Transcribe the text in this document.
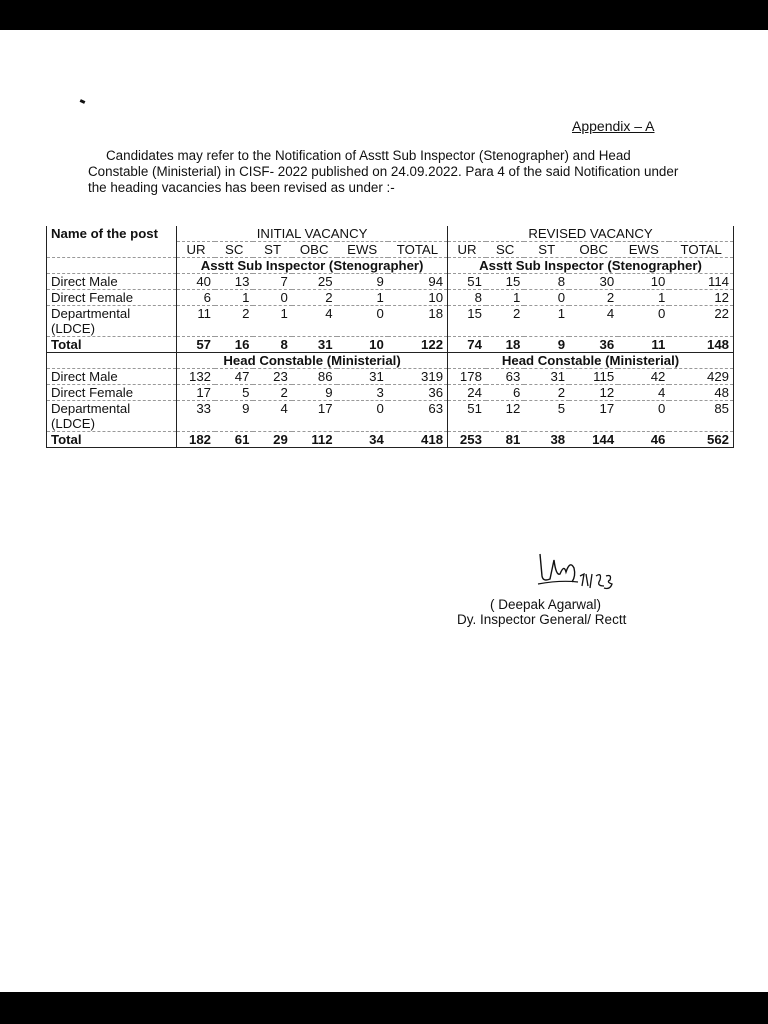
Appendix – A
Candidates may refer to the Notification of Asstt Sub Inspector (Stenographer) and Head Constable (Ministerial) in CISF- 2022 published on 24.09.2022. Para 4 of the said Notification under the heading vacancies has been revised as under :-
Name of the post	INITIAL VACANCY						REVISED VACANCY					
	UR	SC	ST	OBC	EWS	TOTAL	UR	SC	ST	OBC	EWS	TOTAL
	Asstt Sub Inspector (Stenographer)						Asstt Sub Inspector (Stenographer)					
Direct Male	40	13	7	25	9	94	51	15	8	30	10	114
Direct Female	6	1	0	2	1	10	8	1	0	2	1	12
Departmental (LDCE)	11	2	1	4	0	18	15	2	1	4	0	22
Total	57	16	8	31	10	122	74	18	9	36	11	148
	Head Constable (Ministerial)						Head Constable (Ministerial)					
Direct Male	132	47	23	86	31	319	178	63	31	115	42	429
Direct Female	17	5	2	9	3	36	24	6	2	12	4	48
Departmental (LDCE)	33	9	4	17	0	63	51	12	5	17	0	85
Total	182	61	29	112	34	418	253	81	38	144	46	562
( Deepak Agarwal)
Dy. Inspector General/ Rectt
